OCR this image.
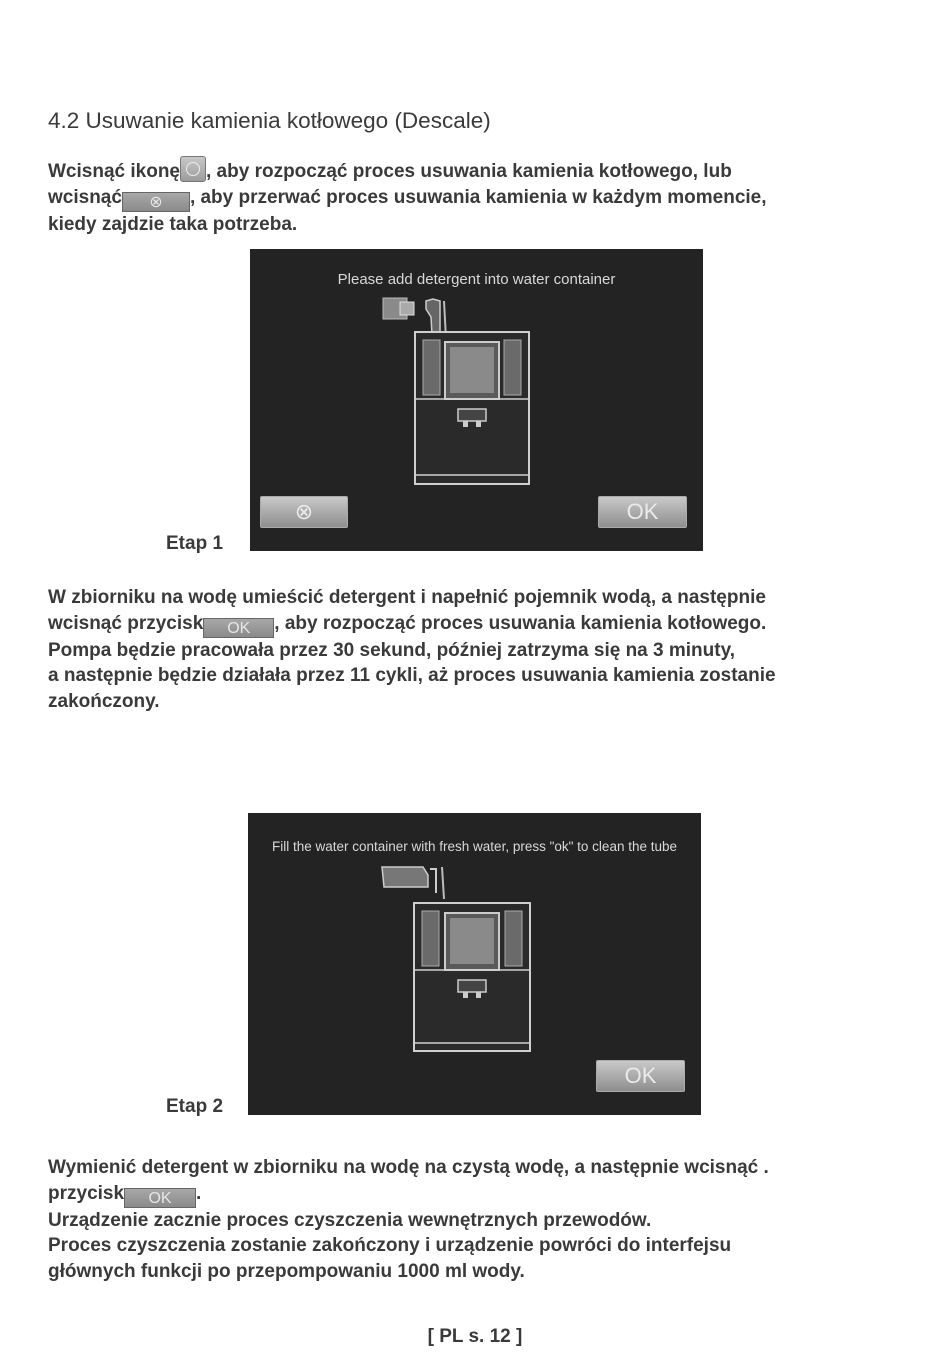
4.2 Usuwanie kamienia kotłowego (Descale)
Wcisnąć ikonę , aby rozpocząć proces usuwania kamienia kotłowego, lub
wcisnąć ⊗ , aby przerwać proces usuwania kamienia w każdym momencie,
kiedy zajdzie taka potrzeba.
Please add detergent into water container
⊗	OK
Etap 1
W zbiorniku na wodę umieścić detergent i napełnić pojemnik wodą, a następnie
wcisnąć przycisk OK , aby rozpocząć proces usuwania kamienia kotłowego.
Pompa będzie pracowała przez 30 sekund, później zatrzyma się na 3 minuty,
a następnie będzie działała przez 11 cykli, aż proces usuwania kamienia zostanie
zakończony.
Fill the water container with fresh water, press "ok" to clean the tube
OK
Etap 2
Wymienić detergent w zbiorniku na wodę na czystą wodę, a następnie wcisnąć .
przycisk OK .
Urządzenie zacznie proces czyszczenia wewnętrznych przewodów.
Proces czyszczenia zostanie zakończony i urządzenie powróci do interfejsu
głównych funkcji po przepompowaniu 1000 ml wody.
[ PL s. 12 ]
